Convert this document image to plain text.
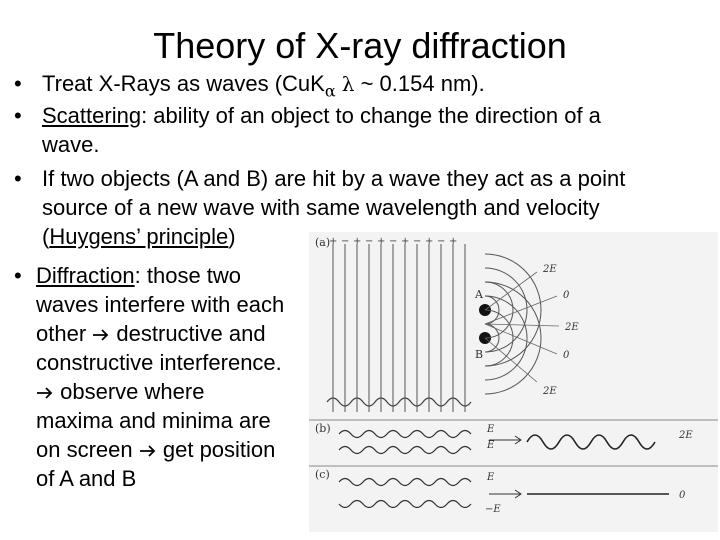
Theory of X-ray diffraction
• Treat X-Rays as waves (CuK$_\alpha$ λ ~ 0.154 nm).
• Scattering: ability of an object to change the direction of a
wave.
• If two objects (A and B) are hit by a wave they act as a point
source of a new wave with same wavelength and velocity
(Huygens’ principle)
• Diffraction: those two
waves interfere with each
other destructive and
constructive interference.
observe where
maxima and minima are
on screen get position
of A and B
(a)
+ − + − + − + − + − +
A
B
2E
0
2E
0
2E
(b)	E
E
2E
(c)	E
−E
0
